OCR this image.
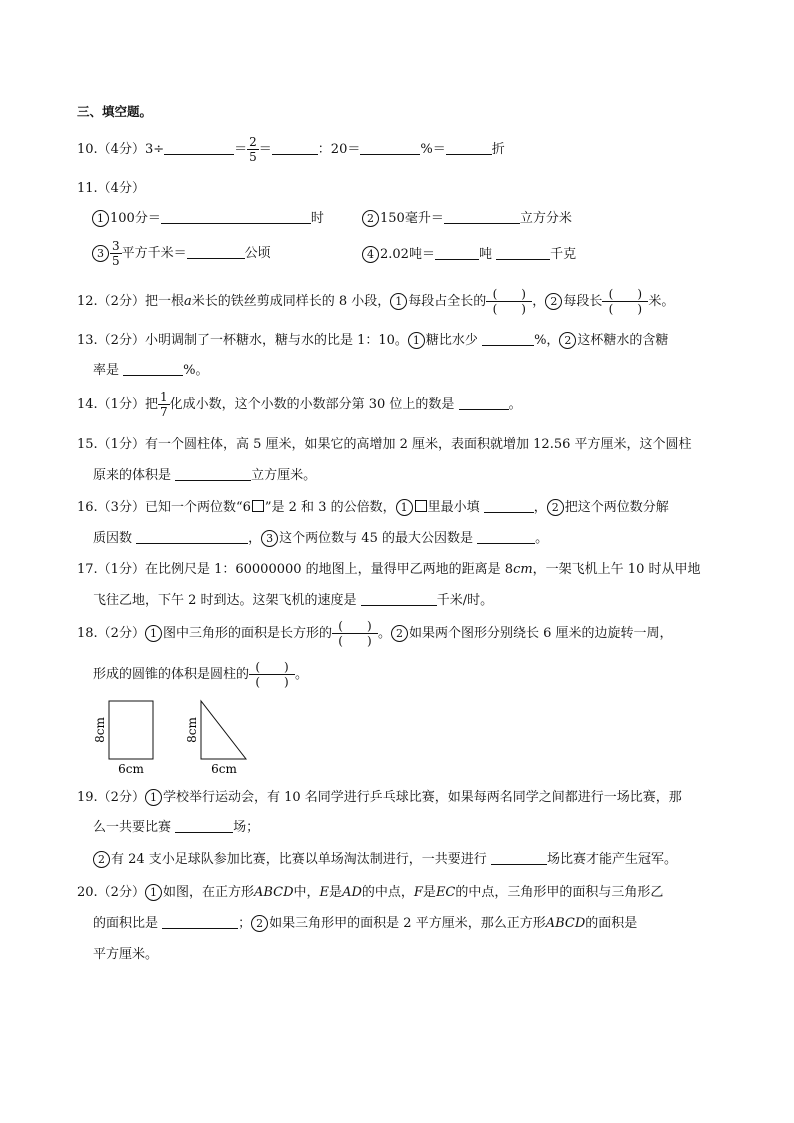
三、填空题。
10.（4分）3÷	＝ $\frac{2}{5}$ ＝	：20＝	%＝	折
11.（4分）
1 100分＝	时	2 150毫升＝	立方分米
$3 \frac{3}{5}$ 平方千米＝	公顷	4 2.02吨＝	吨	千克
12.（2分）把一根a米长的铁丝剪成同样长的 8 小段， 1 每段占全长的 $\frac{( )}{( )}$ ， 2 每段长 $\frac{( )}{( )}$ 米。
13.（2分）小明调制了一杯糖水，糖与水的比是 1：10。 1 糖比水少	%， 2 这杯糖水的含糖
率是	%。
14.（1分）把 $\frac{1}{7}$ 化成小数，这个小数的小数部分第 30 位上的数是	。
15.（1分）有一个圆柱体，高 5 厘米，如果它的高增加 2 厘米，表面积就增加 12.56 平方厘米，这个圆柱
原来的体积是	立方厘米。
16.（3分）已知一个两位数“6 ”是 2 和 3 的公倍数， 1 里最小填	， 2 把这个两位数分解
质因数	， 3 这个两位数与 45 的最大公因数是	。
17.（1分）在比例尺是 1：60000000 的地图上，量得甲乙两地的距离是 8cm，一架飞机上午 10 时从甲地
飞往乙地，下午 2 时到达。这架飞机的速度是	千米/时。
18.（2分） 1 图中三角形的面积是长方形的 $\frac{( )}{( )}$ 。 2 如果两个图形分别绕长 6 厘米的边旋转一周，
形成的圆锥的体积是圆柱的 $\frac{( )}{( )}$ 。
8cm
6cm
8cm
6cm
19.（2分） 1 学校举行运动会，有 10 名同学进行乒乓球比赛，如果每两名同学之间都进行一场比赛，那
么一共要比赛	场；
2 有 24 支小足球队参加比赛，比赛以单场淘汰制进行，一共要进行	场比赛才能产生冠军。
20.（2分） 1 如图，在正方形ABCD中，E是AD的中点，F是EC的中点，三角形甲的面积与三角形乙
的面积比是	； 2 如果三角形甲的面积是 2 平方厘米，那么正方形ABCD的面积是
平方厘米。
